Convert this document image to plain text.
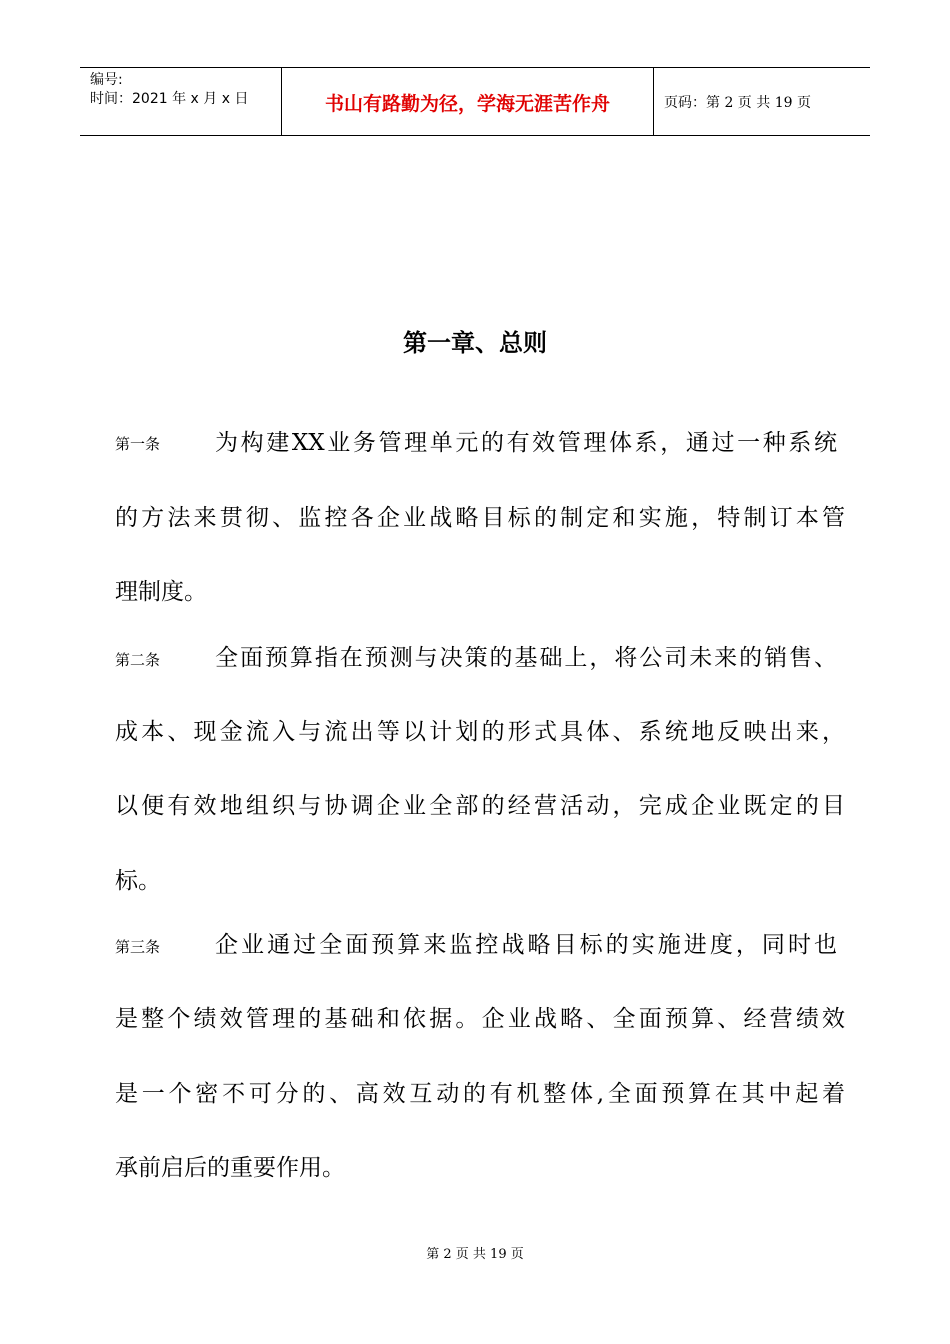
编号:
时间：2021 年 x 月 x 日	书山有路勤为径，学海无涯苦作舟	页码：第 2 页 共 19 页
第一章、总则
第一条 为构建XX业务管理单元的有效管理体系，通过一种系统
的方法来贯彻、监控各企业战略目标的制定和实施，特制订本管
理制度。
第二条 全面预算指在预测与决策的基础上，将公司未来的销售、
成本、现金流入与流出等以计划的形式具体、系统地反映出来，
以便有效地组织与协调企业全部的经营活动，完成企业既定的目
标。
第三条 企业通过全面预算来监控战略目标的实施进度，同时也
是整个绩效管理的基础和依据。企业战略、全面预算、经营绩效
是一个密不可分的、高效互动的有机整体,全面预算在其中起着
承前启后的重要作用。
第 2 页 共 19 页
